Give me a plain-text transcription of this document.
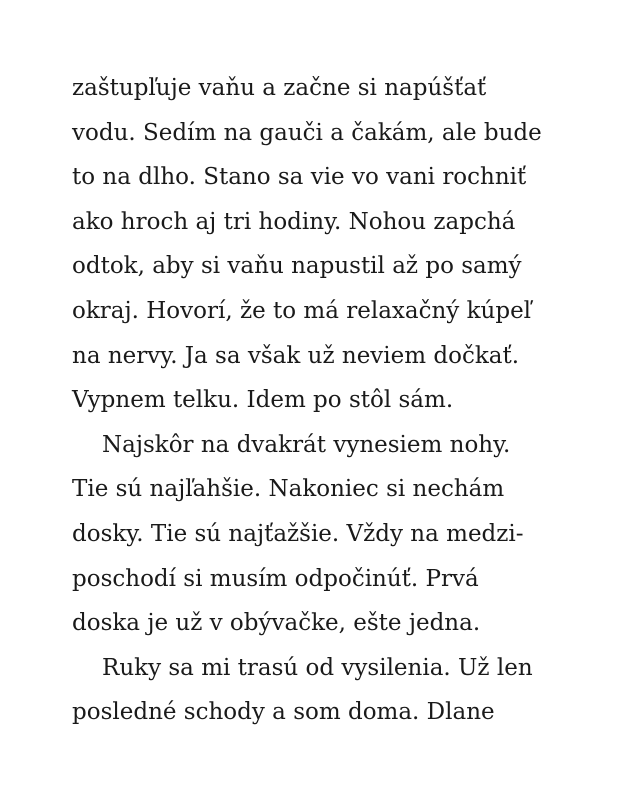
zaštupľuje vaňu a začne si napúšťať
vodu. Sedím na gauči a čakám, ale bude
to na dlho. Stano sa vie vo vani rochniť
ako hroch aj tri hodiny. Nohou zapchá
odtok, aby si vaňu napustil až po samý
okraj. Hovorí, že to má relaxačný kúpeľ
na nervy. Ja sa však už neviem dočkať.
Vypnem telku. Idem po stôl sám.
Najskôr na dvakrát vynesiem nohy.
Tie sú najľahšie. Nakoniec si nechám
dosky. Tie sú najťažšie. Vždy na medzi-
poschodí si musím odpočinúť. Prvá
doska je už v obývačke, ešte jedna.
Ruky sa mi trasú od vysilenia. Už len
posledné schody a som doma. Dlane
